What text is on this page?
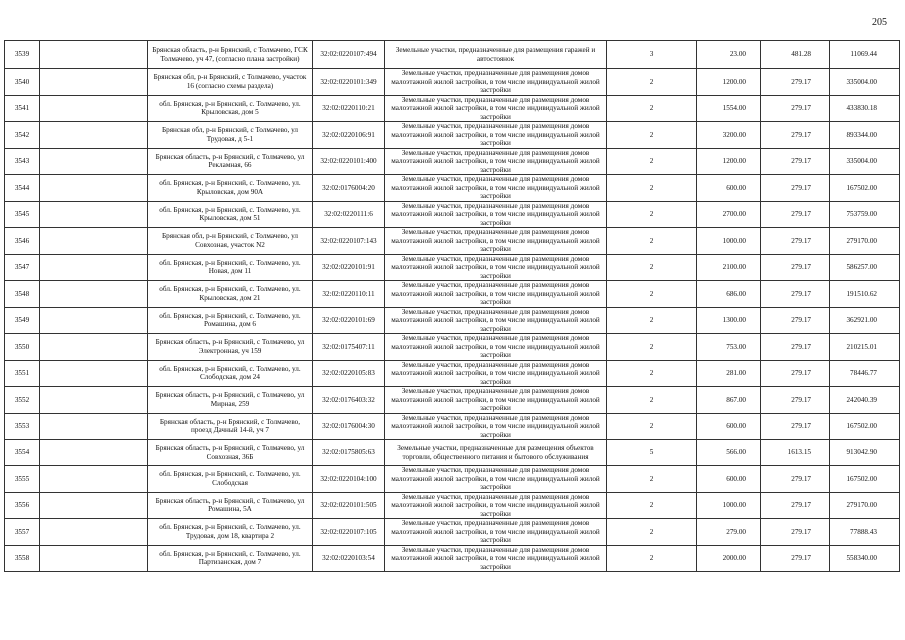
205
3539		Брянская область, р-н Брянский, с Толмачево, ГСК Толмачево, уч 47, (согласно плана застройки)	32:02:0220107:494	Земельные участки, предназначенные для размещения гаражей и автостоянок	3	23.00	481.28	11069.44
3540		Брянская обл, р-н Брянский, с Толмачево, участок 16 (согласно схемы раздела)	32:02:0220101:349	Земельные участки, предназначенные для размещения домов малоэтажной жилой застройки, в том числе индивидуальной жилой застройки	2	1200.00	279.17	335004.00
3541		обл. Брянская, р-н Брянский, с. Толмачево, ул. Крыловская, дом 5	32:02:0220110:21	Земельные участки, предназначенные для размещения домов малоэтажной жилой застройки, в том числе индивидуальной жилой застройки	2	1554.00	279.17	433830.18
3542		Брянская обл, р-н Брянский, с Толмачево, ул Трудовая, д 5-1	32:02:0220106:91	Земельные участки, предназначенные для размещения домов малоэтажной жилой застройки, в том числе индивидуальной жилой застройки	2	3200.00	279.17	893344.00
3543		Брянская область, р-н Брянский, с Толмачево, ул Рекламная, 66	32:02:0220101:400	Земельные участки, предназначенные для размещения домов малоэтажной жилой застройки, в том числе индивидуальной жилой застройки	2	1200.00	279.17	335004.00
3544		обл. Брянская, р-н Брянский, с. Толмачево, ул. Крыловская, дом 90А	32:02:0176004:20	Земельные участки, предназначенные для размещения домов малоэтажной жилой застройки, в том числе индивидуальной жилой застройки	2	600.00	279.17	167502.00
3545		обл. Брянская, р-н Брянский, с. Толмачево, ул. Крыловская, дом 51	32:02:0220111:6	Земельные участки, предназначенные для размещения домов малоэтажной жилой застройки, в том числе индивидуальной жилой застройки	2	2700.00	279.17	753759.00
3546		Брянская обл, р-н Брянский, с Толмачево, ул Совхозная, участок N2	32:02:0220107:143	Земельные участки, предназначенные для размещения домов малоэтажной жилой застройки, в том числе индивидуальной жилой застройки	2	1000.00	279.17	279170.00
3547		обл. Брянская, р-н Брянский, с. Толмачево, ул. Новая, дом 11	32:02:0220101:91	Земельные участки, предназначенные для размещения домов малоэтажной жилой застройки, в том числе индивидуальной жилой застройки	2	2100.00	279.17	586257.00
3548		обл. Брянская, р-н Брянский, с. Толмачево, ул. Крыловская, дом 21	32:02:0220110:11	Земельные участки, предназначенные для размещения домов малоэтажной жилой застройки, в том числе индивидуальной жилой застройки	2	686.00	279.17	191510.62
3549		обл. Брянская, р-н Брянский, с. Толмачево, ул. Ромашина, дом 6	32:02:0220101:69	Земельные участки, предназначенные для размещения домов малоэтажной жилой застройки, в том числе индивидуальной жилой застройки	2	1300.00	279.17	362921.00
3550		Брянская область, р-н Брянский, с Толмачево, ул Электронная, уч 159	32:02:0175407:11	Земельные участки, предназначенные для размещения домов малоэтажной жилой застройки, в том числе индивидуальной жилой застройки	2	753.00	279.17	210215.01
3551		обл. Брянская, р-н Брянский, с. Толмачево, ул. Слободская, дом 24	32:02:0220105:83	Земельные участки, предназначенные для размещения домов малоэтажной жилой застройки, в том числе индивидуальной жилой застройки	2	281.00	279.17	78446.77
3552		Брянская область, р-н Брянский, с Толмачево, ул Мирная, 259	32:02:0176403:32	Земельные участки, предназначенные для размещения домов малоэтажной жилой застройки, в том числе индивидуальной жилой застройки	2	867.00	279.17	242040.39
3553		Брянская область, р-н Брянский, с Толмачево, проезд Дачный 14-й, уч 7	32:02:0176004:30	Земельные участки, предназначенные для размещения домов малоэтажной жилой застройки, в том числе индивидуальной жилой застройки	2	600.00	279.17	167502.00
3554		Брянская область, р-н Брянский, с Толмачево, ул Совхозная, 36Б	32:02:0175805:63	Земельные участки, предназначенные для размещения объектов торговли, общественного питания и бытового обслуживания	5	566.00	1613.15	913042.90
3555		обл. Брянская, р-н Брянский, с. Толмачево, ул. Слободская	32:02:0220104:100	Земельные участки, предназначенные для размещения домов малоэтажной жилой застройки, в том числе индивидуальной жилой застройки	2	600.00	279.17	167502.00
3556		Брянская область, р-н Брянский, с Толмачево, ул Ромашина, 5А	32:02:0220101:505	Земельные участки, предназначенные для размещения домов малоэтажной жилой застройки, в том числе индивидуальной жилой застройки	2	1000.00	279.17	279170.00
3557		обл. Брянская, р-н Брянский, с. Толмачево, ул. Трудовая, дом 18, квартира 2	32:02:0220107:105	Земельные участки, предназначенные для размещения домов малоэтажной жилой застройки, в том числе индивидуальной жилой застройки	2	279.00	279.17	77888.43
3558		обл. Брянская, р-н Брянский, с. Толмачево, ул. Партизанская, дом 7	32:02:0220103:54	Земельные участки, предназначенные для размещения домов малоэтажной жилой застройки, в том числе индивидуальной жилой застройки	2	2000.00	279.17	558340.00
